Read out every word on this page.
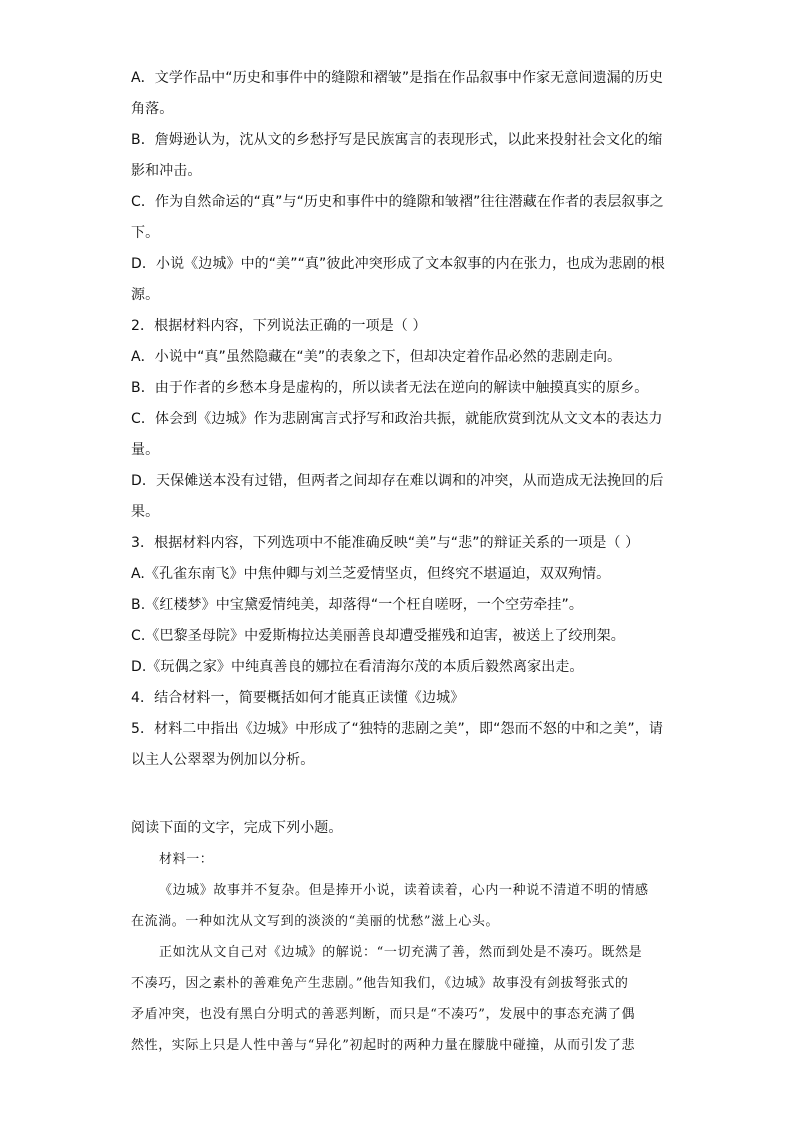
A．文学作品中“历史和事件中的缝隙和褶皱”是指在作品叙事中作家无意间遗漏的历史
角落。
B．詹姆逊认为，沈从文的乡愁抒写是民族寓言的表现形式，以此来投射社会文化的缩
影和冲击。
C．作为自然命运的“真”与“历史和事件中的缝隙和皱褶”往往潜藏在作者的表层叙事之
下。
D．小说《边城》中的“美”“真”彼此冲突形成了文本叙事的内在张力，也成为悲剧的根
源。
2．根据材料内容，下列说法正确的一项是（ ）
A．小说中“真”虽然隐藏在“美”的表象之下，但却决定着作品必然的悲剧走向。
B．由于作者的乡愁本身是虚构的，所以读者无法在逆向的解读中触摸真实的原乡。
C．体会到《边城》作为悲剧寓言式抒写和政治共振，就能欣赏到沈从文文本的表达力
量。
D．天保傩送本没有过错，但两者之间却存在难以调和的冲突，从而造成无法挽回的后
果。
3．根据材料内容，下列选项中不能准确反映“美”与“悲”的辩证关系的一项是（ ）
A.《孔雀东南飞》中焦仲卿与刘兰芝爱情坚贞，但终究不堪逼迫，双双殉情。
B.《红楼梦》中宝黛爱情纯美，却落得“一个枉自嗟呀，一个空劳牵挂”。
C.《巴黎圣母院》中爱斯梅拉达美丽善良却遭受摧残和迫害，被送上了绞刑架。
D.《玩偶之家》中纯真善良的娜拉在看清海尔茂的本质后毅然离家出走。
4．结合材料一，简要概括如何才能真正读懂《边城》
5．材料二中指出《边城》中形成了“独特的悲剧之美”，即“怨而不怒的中和之美”，请
以主人公翠翠为例加以分析。
阅读下面的文字，完成下列小题。
材料一：
《边城》故事并不复杂。但是捧开小说，读着读着，心内一种说不清道不明的情感
在流淌。一种如沈从文写到的淡淡的“美丽的忧愁”滋上心头。
正如沈从文自己对《边城》的解说：“一切充满了善，然而到处是不凑巧。既然是
不凑巧，因之素朴的善难免产生悲剧。”他告知我们，《边城》故事没有剑拔弩张式的
矛盾冲突，也没有黑白分明式的善恶判断，而只是“不凑巧”，发展中的事态充满了偶
然性，实际上只是人性中善与“异化”初起时的两种力量在朦胧中碰撞，从而引发了悲
